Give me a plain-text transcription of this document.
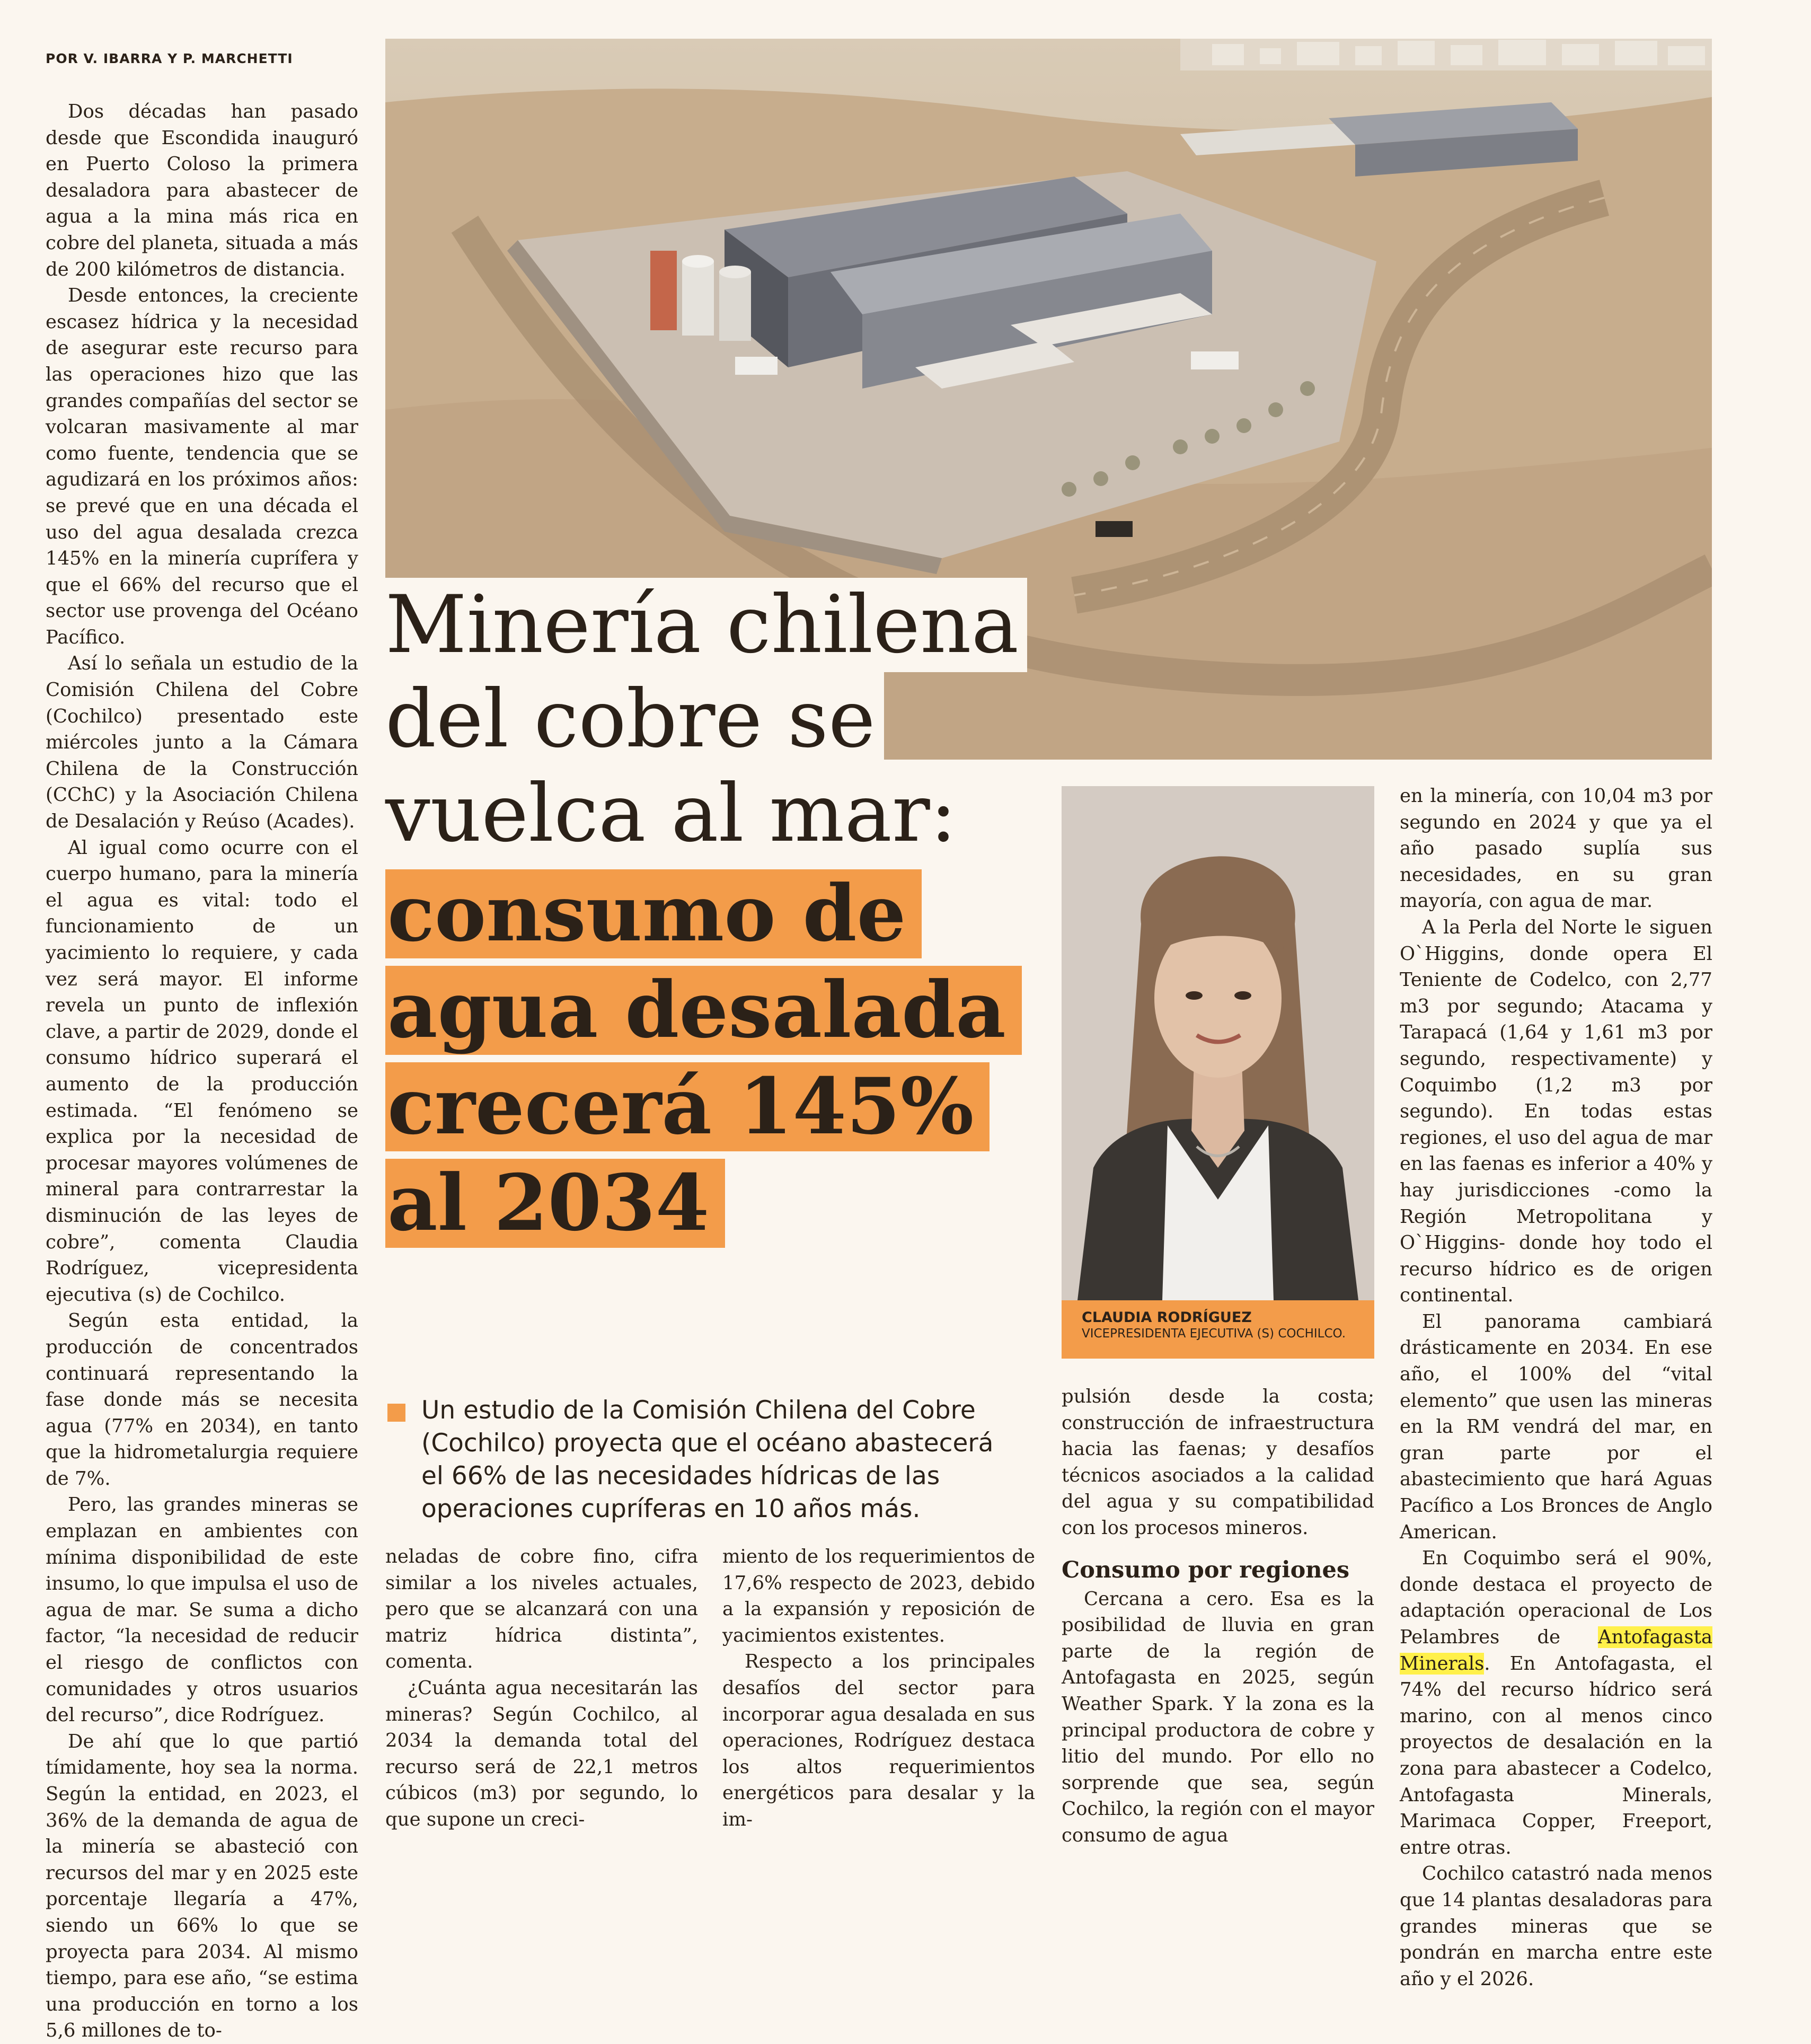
POR V. IBARRA Y P. MARCHETTI

Dos décadas han pasado desde que Escondida inauguró en Puerto Coloso la primera desaladora para abastecer de agua a la mina más rica en cobre del planeta, situada a más de 200 kilómetros de distancia.

Desde entonces, la creciente escasez hídrica y la necesidad de asegurar este recurso para las operaciones hizo que las grandes compañías del sector se volcaran masivamente al mar como fuente, tendencia que se agudizará en los próximos años: se prevé que en una década el uso del agua desalada crezca 145% en la minería cuprífera y que el 66% del recurso que el sector use provenga del Océano Pacífico.

Así lo señala un estudio de la Comisión Chilena del Cobre (Cochilco) presentado este miércoles junto a la Cámara Chilena de la Construcción (CChC) y la Asociación Chilena de Desalación y Reúso (Acades).

Al igual como ocurre con el cuerpo humano, para la minería el agua es vital: todo el funcionamiento de un yacimiento lo requiere, y cada vez será mayor. El informe revela un punto de inflexión clave, a partir de 2029, donde el consumo hídrico superará el aumento de la producción estimada. “El fenómeno se explica por la necesidad de procesar mayores volúmenes de mineral para contrarrestar la disminución de las leyes de cobre”, comenta Claudia Rodríguez, vicepresidenta ejecutiva (s) de Cochilco.

Según esta entidad, la producción de concentrados continuará representando la fase donde más se necesita agua (77% en 2034), en tanto que la hidrometalurgia requiere de 7%.

Pero, las grandes mineras se emplazan en ambientes con mínima disponibilidad de este insumo, lo que impulsa el uso de agua de mar. Se suma a dicho factor, “la necesidad de reducir el riesgo de conflictos con comunidades y otros usuarios del recurso”, dice Rodríguez.

De ahí que lo que partió tímidamente, hoy sea la norma. Según la entidad, en 2023, el 36% de la demanda de agua de la minería se abasteció con recursos del mar y en 2025 este porcentaje llegaría a 47%, siendo un 66% lo que se proyecta para 2034. Al mismo tiempo, para ese año, “se estima una producción en torno a los 5,6 millones de to-

Minería chilena
del cobre se
vuelca al mar:
consumo de
agua desalada
crecerá 145%
al 2034
Un estudio de la Comisión Chilena del Cobre (Cochilco) proyecta que el océano abastecerá el 66% de las necesidades hídricas de las operaciones cupríferas en 10 años más.

neladas de cobre fino, cifra similar a los niveles actuales, pero que se alcanzará con una matriz hídrica distinta”, comenta.

¿Cuánta agua necesitarán las mineras? Según Cochilco, al 2034 la demanda total del recurso será de 22,1 metros cúbicos (m3) por segundo, lo que supone un creci-

miento de los requerimientos de 17,6% respecto de 2023, debido a la expansión y reposición de yacimientos existentes.

Respecto a los principales desafíos del sector para incorporar agua desalada en sus operaciones, Rodríguez destaca los altos requerimientos energéticos para desalar y la im-

CLAUDIA RODRÍGUEZ
VICEPRESIDENTA EJECUTIVA (S) COCHILCO.

pulsión desde la costa; construcción de infraestructura hacia las faenas; y desafíos técnicos asociados a la calidad del agua y su compatibilidad con los procesos mineros.

Consumo por regiones

Cercana a cero. Esa es la posibilidad de lluvia en gran parte de la región de Antofagasta en 2025, según Weather Spark. Y la zona es la principal productora de cobre y litio del mundo. Por ello no sorprende que sea, según Cochilco, la región con el mayor consumo de agua

en la minería, con 10,04 m3 por segundo en 2024 y que ya el año pasado suplía sus necesidades, en su gran mayoría, con agua de mar.

A la Perla del Norte le siguen O`Higgins, donde opera El Teniente de Codelco, con 2,77 m3 por segundo; Atacama y Tarapacá (1,64 y 1,61 m3 por segundo, respectivamente) y Coquimbo (1,2 m3 por segundo). En todas estas regiones, el uso del agua de mar en las faenas es inferior a 40% y hay jurisdicciones -como la Región Metropolitana y O`Higgins- donde hoy todo el recurso hídrico es de origen continental.

El panorama cambiará drásticamente en 2034. En ese año, el 100% del “vital elemento” que usen las mineras en la RM vendrá del mar, en gran parte por el abastecimiento que hará Aguas Pacífico a Los Bronces de Anglo American.

En Coquimbo será el 90%, donde destaca el proyecto de adaptación operacional de Los Pelambres de Antofagasta Minerals. En Antofagasta, el 74% del recurso hídrico será marino, con al menos cinco proyectos de desalación en la zona para abastecer a Codelco, Antofagasta Minerals, Marimaca Copper, Freeport, entre otras.

Cochilco catastró nada menos que 14 plantas desaladoras para grandes mineras que se pondrán en marcha entre este año y el 2026.
